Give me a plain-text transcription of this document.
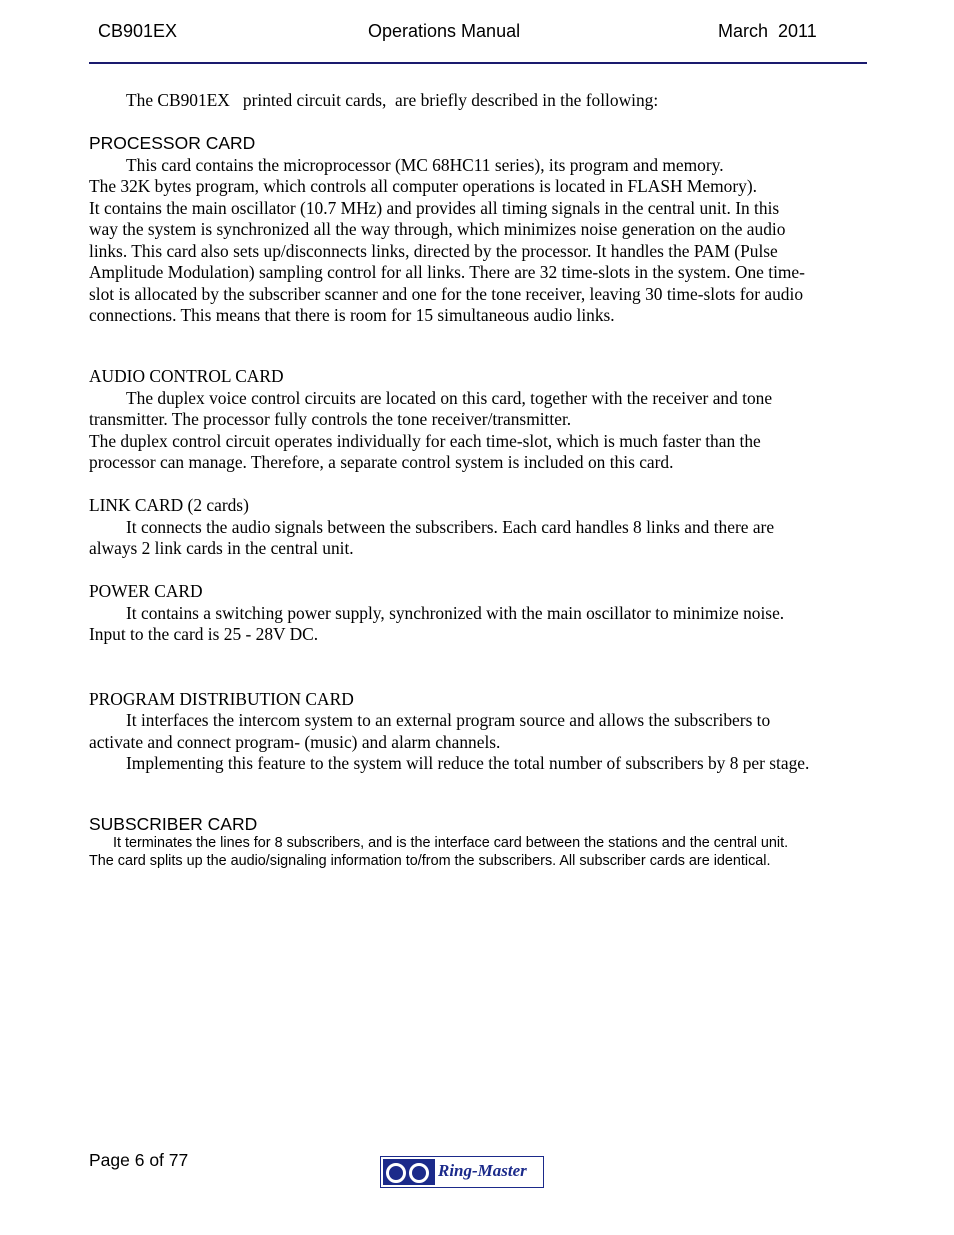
CB901EX	Operations Manual	March  2011

The CB901EX   printed circuit cards,  are briefly described in the following:

PROCESSOR CARD

This card contains the microprocessor (MC 68HC11 series), its program and memory.

The 32K bytes program, which controls all computer operations is located in FLASH Memory).

It contains the main oscillator (10.7 MHz) and provides all timing signals in the central unit. In this

way the system is synchronized all the way through, which minimizes noise generation on the audio

links. This card also sets up/disconnects links, directed by the processor. It handles the PAM (Pulse

Amplitude Modulation) sampling control for all links. There are 32 time-slots in the system. One time-

slot is allocated by the subscriber scanner and one for the tone receiver, leaving 30 time-slots for audio

connections. This means that there is room for 15 simultaneous audio links.

AUDIO CONTROL CARD

The duplex voice control circuits are located on this card, together with the receiver and tone

transmitter. The processor fully controls the tone receiver/transmitter.

The duplex control circuit operates individually for each time-slot, which is much faster than the

processor can manage. Therefore, a separate control system is included on this card.

LINK CARD (2 cards)

It connects the audio signals between the subscribers. Each card handles 8 links and there are

always 2 link cards in the central unit.

POWER CARD

It contains a switching power supply, synchronized with the main oscillator to minimize noise.

Input to the card is 25 - 28V DC.

PROGRAM DISTRIBUTION CARD

It interfaces the intercom system to an external program source and allows the subscribers to

activate and connect program- (music) and alarm channels.

Implementing this feature to the system will reduce the total number of subscribers by 8 per stage.

SUBSCRIBER CARD

It terminates the lines for 8 subscribers, and is the interface card between the stations and the central unit.

The card splits up the audio/signaling information to/from the subscribers. All subscriber cards are identical.

Page 6 of 77
Ring-Master
